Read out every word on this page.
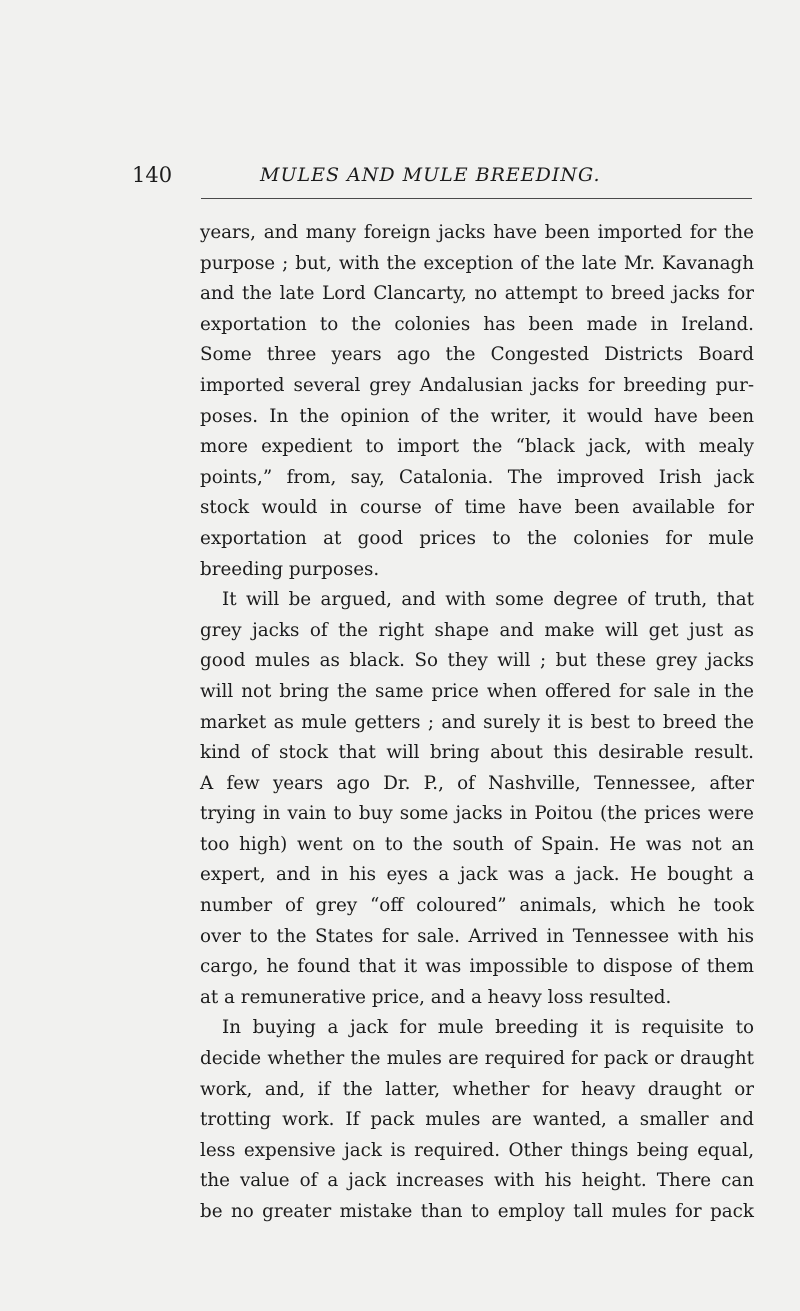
140	MULES AND MULE BREEDING.
years, and many foreign jacks have been imported for the
purpose ; but, with the exception of the late Mr. Kavanagh
and the late Lord Clancarty, no attempt to breed jacks for
exportation to the colonies has been made in Ireland.
Some three years ago the Congested Districts Board
imported several grey Andalusian jacks for breeding pur-
poses. In the opinion of the writer, it would have been
more expedient to import the “black jack, with mealy
points,” from, say, Catalonia. The improved Irish jack
stock would in course of time have been available for
exportation at good prices to the colonies for mule
breeding purposes.
It will be argued, and with some degree of truth, that
grey jacks of the right shape and make will get just as
good mules as black. So they will ; but these grey jacks
will not bring the same price when offered for sale in the
market as mule getters ; and surely it is best to breed the
kind of stock that will bring about this desirable result.
A few years ago Dr. P., of Nashville, Tennessee, after
trying in vain to buy some jacks in Poitou (the prices were
too high) went on to the south of Spain. He was not an
expert, and in his eyes a jack was a jack. He bought a
number of grey “off coloured” animals, which he took
over to the States for sale. Arrived in Tennessee with his
cargo, he found that it was impossible to dispose of them
at a remunerative price, and a heavy loss resulted.
In buying a jack for mule breeding it is requisite to
decide whether the mules are required for pack or draught
work, and, if the latter, whether for heavy draught or
trotting work. If pack mules are wanted, a smaller and
less expensive jack is required. Other things being equal,
the value of a jack increases with his height. There can
be no greater mistake than to employ tall mules for pack
